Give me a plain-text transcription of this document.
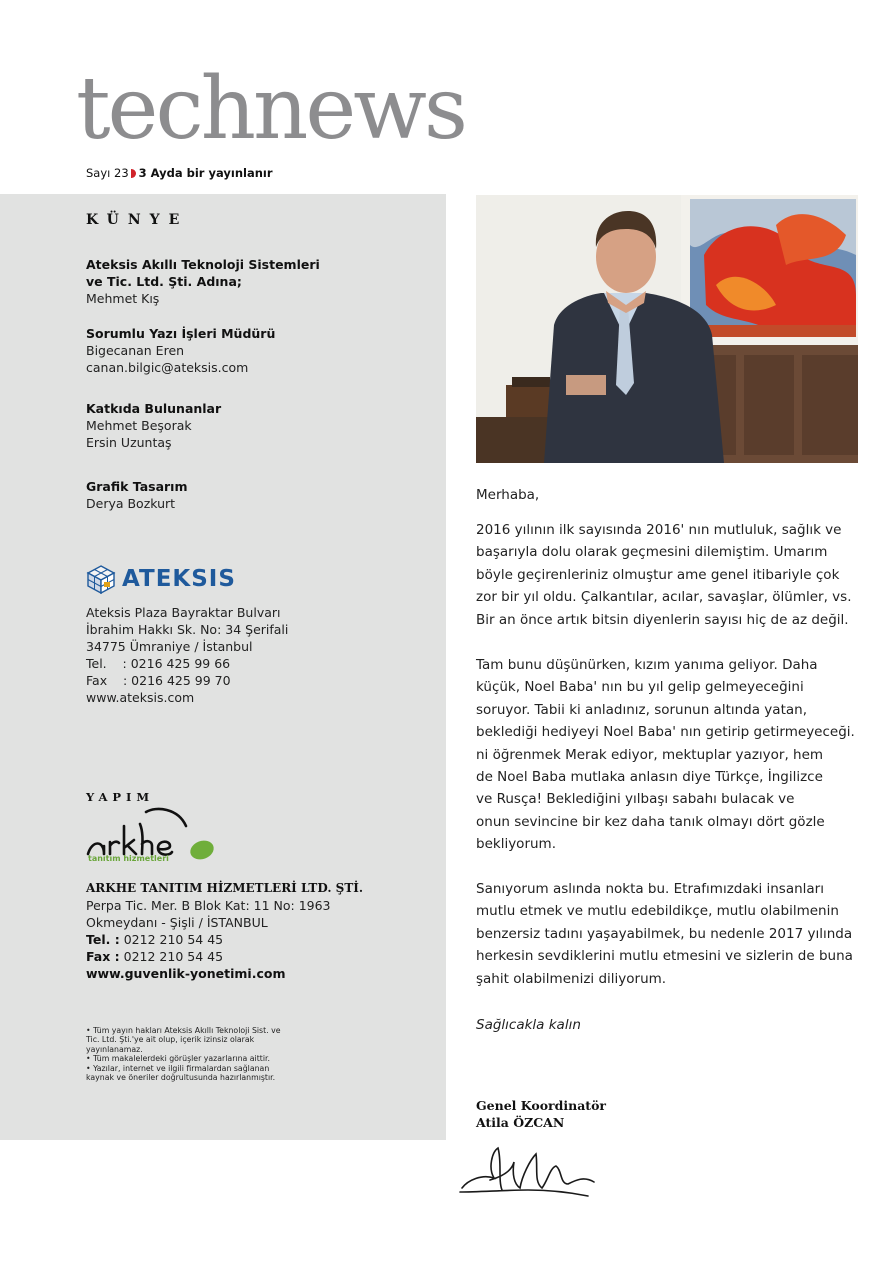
technews
Sayı 23 3 Ayda bir yayınlanır
KÜNYE
Ateksis Akıllı Teknoloji Sistemleri
ve Tic. Ltd. Şti. Adına;
Mehmet Kış
Sorumlu Yazı İşleri Müdürü
Bigecanan Eren
canan.bilgic@ateksis.com
Katkıda Bulunanlar
Mehmet Beşorak
Ersin Uzuntaş
Grafik Tasarım
Derya Bozkurt
ATEKSIS
Ateksis Plaza Bayraktar Bulvarı
İbrahim Hakkı Sk. No: 34 Şerifali
34775 Ümraniye / İstanbul
Tel.    : 0216 425 99 66
Fax    : 0216 425 99 70
www.ateksis.com
YAPIM
tanıtım hizmetleri
ARKHE TANITIM HİZMETLERİ LTD. ŞTİ.
Perpa Tic. Mer. B Blok Kat: 11 No: 1963
Okmeydanı - Şişli / İSTANBUL
Tel. : 0212 210 54 45
Fax : 0212 210 54 45
www.guvenlik-yonetimi.com
• Tüm yayın hakları Ateksis Akıllı Teknoloji Sist. ve Tic. Ltd. Şti.'ye ait olup, içerik izinsiz olarak yayınlanamaz.
• Tüm makalelerdeki görüşler yazarlarına aittir.
• Yazılar, internet ve ilgili firmalardan sağlanan kaynak ve öneriler doğrultusunda hazırlanmıştır.

Merhaba,

2016 yılının ilk sayısında 2016' nın mutluluk, sağlık ve
başarıyla dolu olarak geçmesini dilemiştim. Umarım
böyle geçirenleriniz olmuştur ame genel itibariyle çok
zor bir yıl oldu. Çalkantılar, acılar, savaşlar, ölümler, vs.
Bir an önce artık bitsin diyenlerin sayısı hiç de az değil.
Tam bunu düşünürken, kızım yanıma geliyor. Daha
küçük, Noel Baba' nın bu yıl gelip gelmeyeceğini
soruyor. Tabii ki anladınız, sorunun altında yatan,
beklediği hediyeyi Noel Baba' nın getirip getirmeyeceği.
ni öğrenmek Merak ediyor, mektuplar yazıyor, hem
de Noel Baba mutlaka anlasın diye Türkçe, İngilizce
ve Rusça! Beklediğini yılbaşı sabahı bulacak ve
onun sevincine bir kez daha tanık olmayı dört gözle
bekliyorum.
Sanıyorum aslında nokta bu. Etrafımızdaki insanları
mutlu etmek ve mutlu edebildikçe, mutlu olabilmenin
benzersiz tadını yaşayabilmek, bu nedenle 2017 yılında
herkesin sevdiklerini mutlu etmesini ve sizlerin de buna
şahit olabilmenizi diliyorum.

Sağlıcakla kalın

Genel Koordinatör
Atila ÖZCAN
